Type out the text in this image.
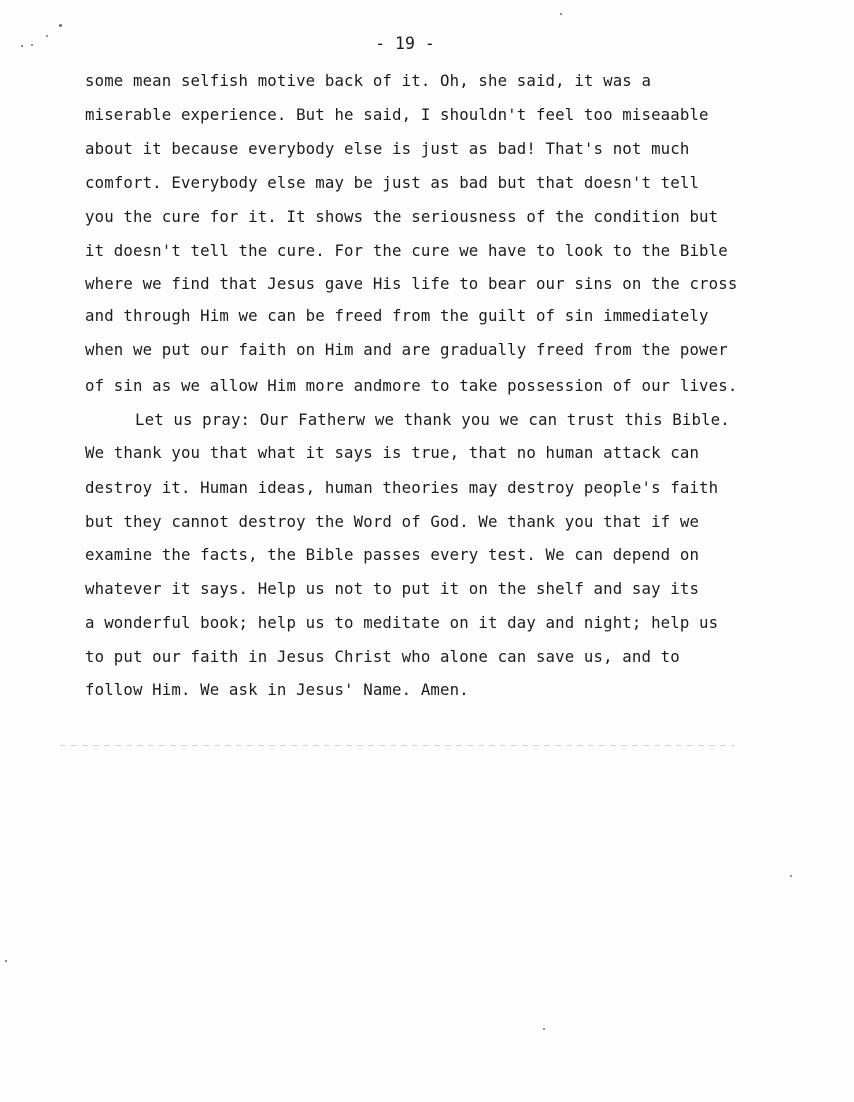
- 19 -
some mean selfish motive back of it. Oh, she said, it was a
miserable experience. But he said, I shouldn't feel too miseaable
about it because everybody else is just as bad! That's not much
comfort. Everybody else may be just as bad but that doesn't tell
you the cure for it. It shows the seriousness of the condition but
it doesn't tell the cure. For the cure we have to look to the Bible
where we find that Jesus gave His life to bear our sins on the cross
and through Him we can be freed from the guilt of sin immediately
when we put our faith on Him and are gradually freed from the power
of sin as we allow Him more andmore to take possession of our lives.
Let us pray: Our Fatherw we thank you we can trust this Bible.
We thank you that what it says is true, that no human attack can
destroy it. Human ideas, human theories may destroy people's faith
but they cannot destroy the Word of God. We thank you that if we
examine the facts, the Bible passes every test. We can depend on
whatever it says. Help us not to put it on the shelf and say its
a wonderful book; help us to meditate on it day and night; help us
to put our faith in Jesus Christ who alone can save us, and to
follow Him. We ask in Jesus' Name. Amen.
